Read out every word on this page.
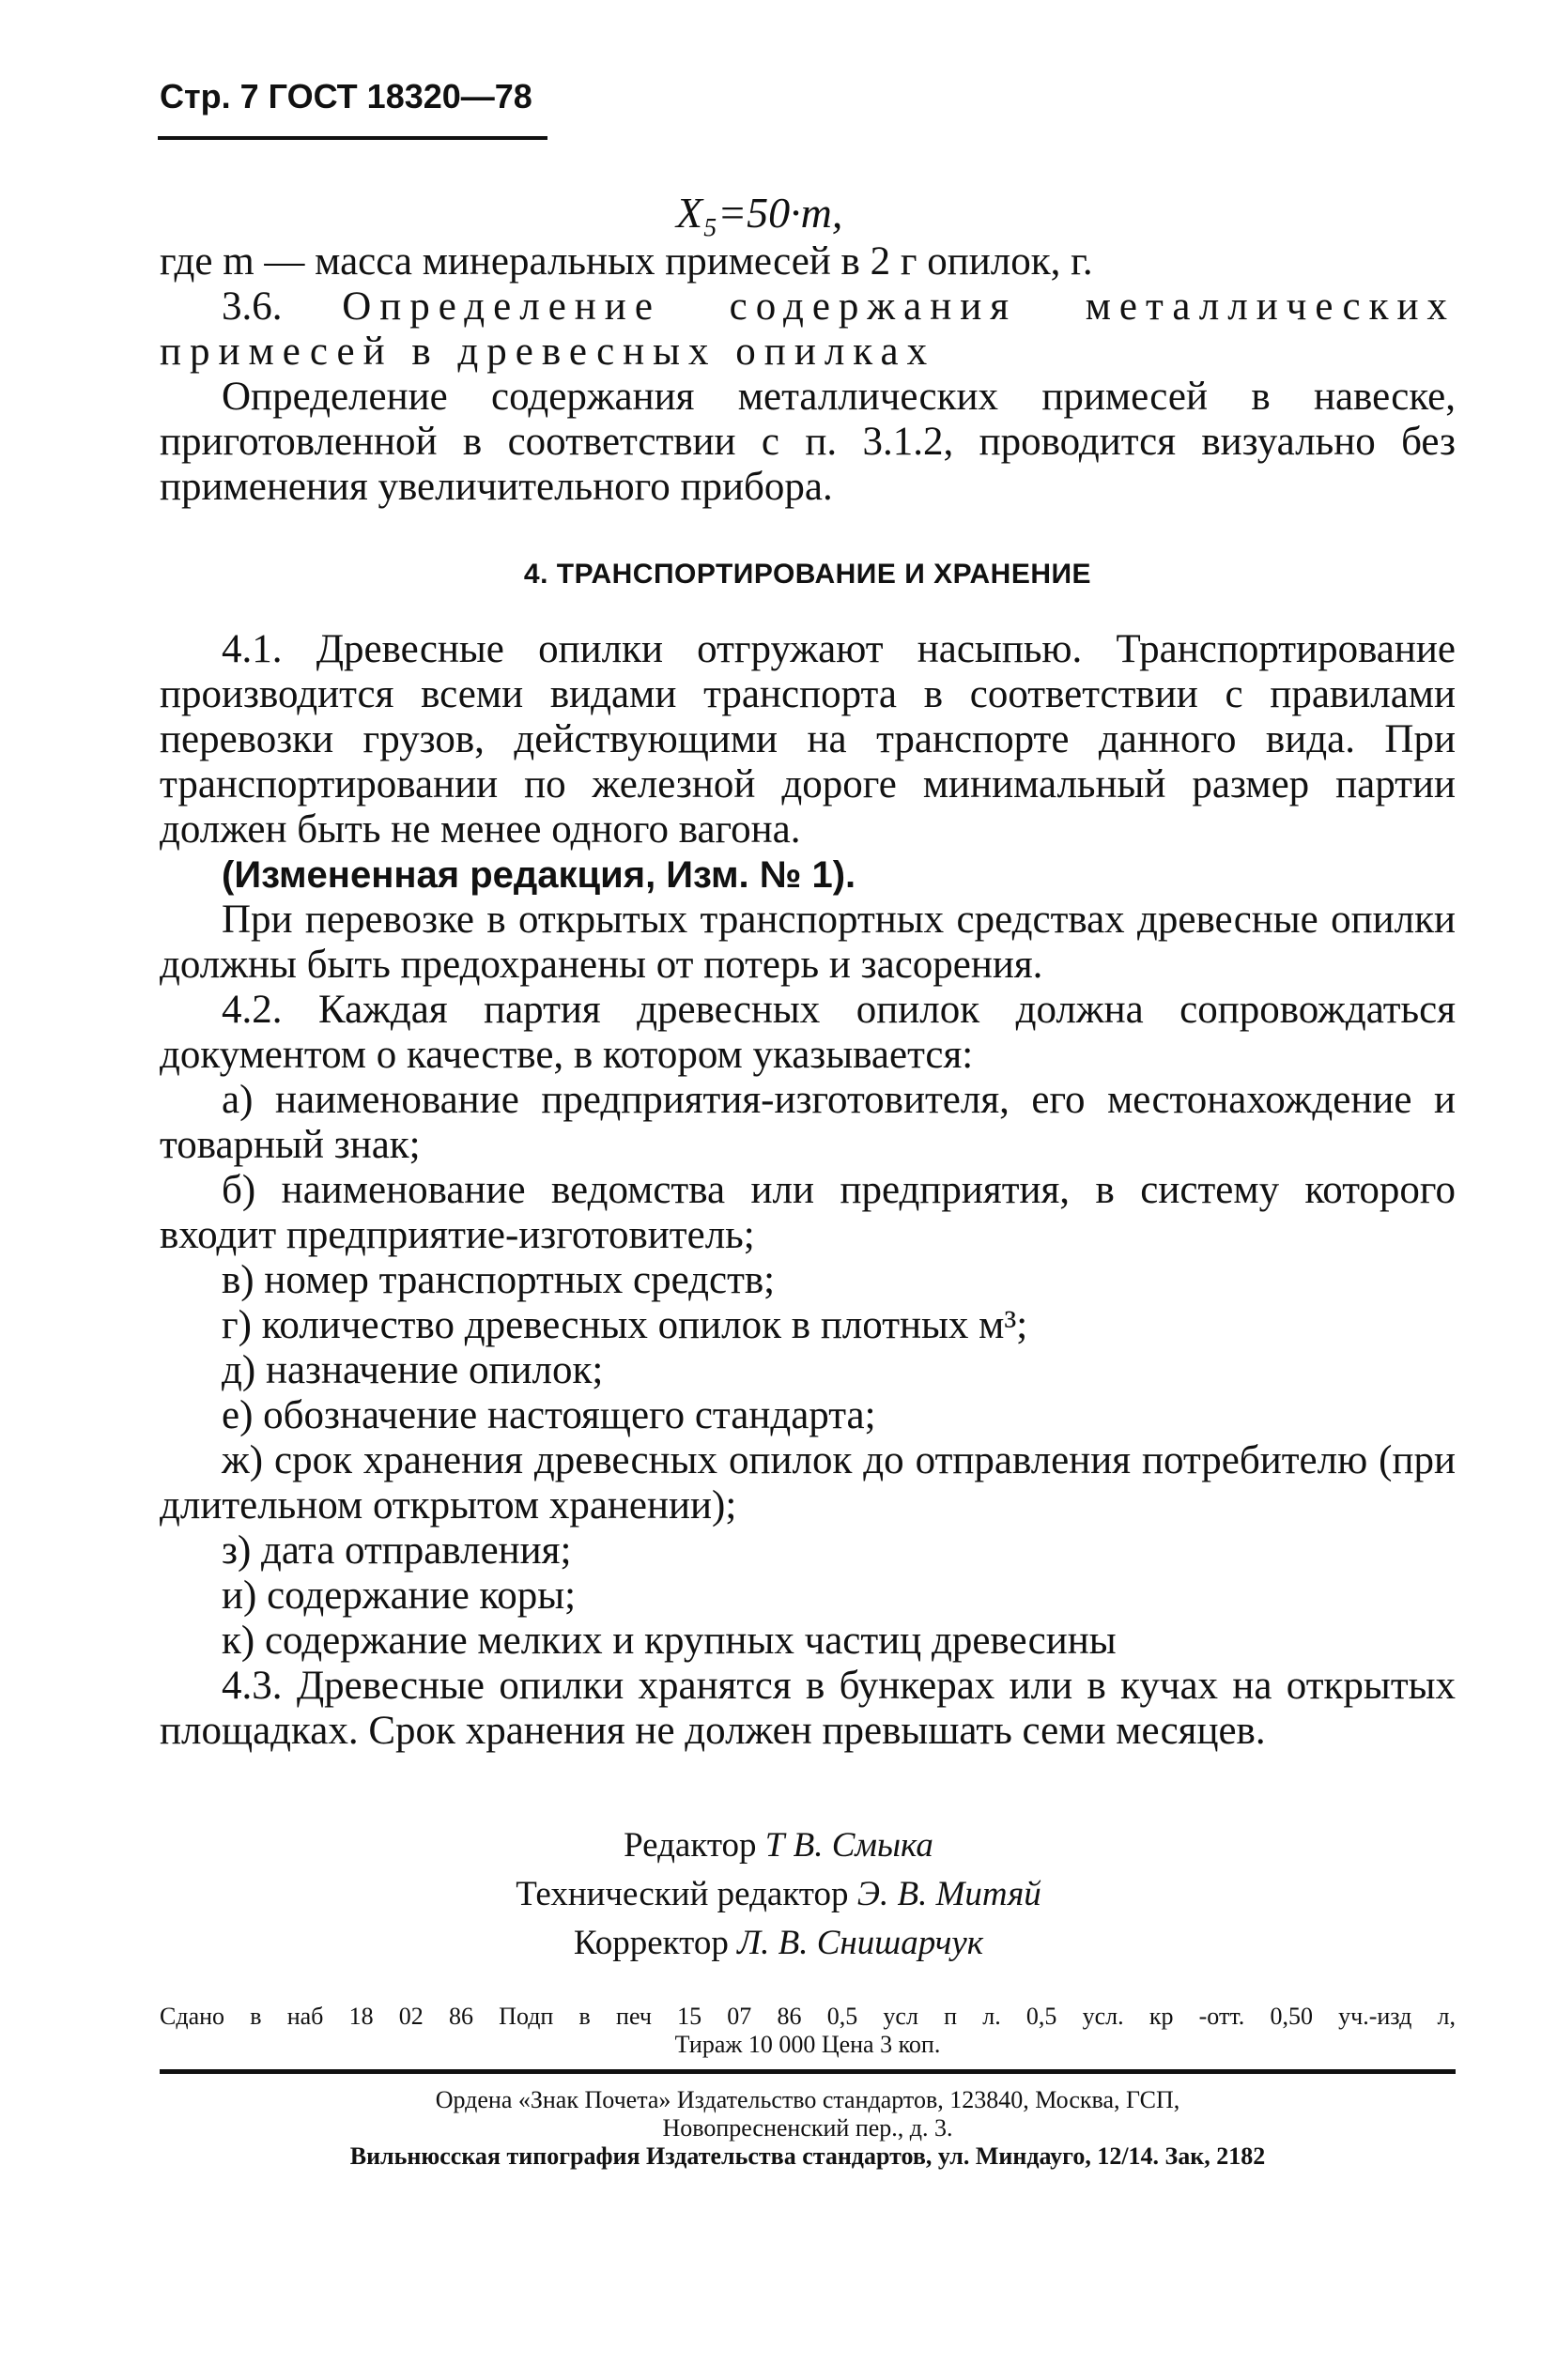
Стр. 7 ГОСТ 18320—78
X₅=50·m,

где m — масса минеральных примесей в 2 г опилок, г.

3.6. Определение содержания металлических

примесей в древесных опилках

Определение содержания металлических примесей в навеске, приготовленной в соответствии с п. 3.1.2, проводится визуально без применения увеличительного прибора.

4. ТРАНСПОРТИРОВАНИЕ И ХРАНЕНИЕ

4.1. Древесные опилки отгружают насыпью. Транспортирование производится всеми видами транспорта в соответствии с правилами перевозки грузов, действующими на транспорте данного вида. При транспортировании по железной дороге минимальный размер партии должен быть не менее одного вагона.

(Измененная редакция, Изм. № 1).

При перевозке в открытых транспортных средствах древесные опилки должны быть предохранены от потерь и засорения.

4.2. Каждая партия древесных опилок должна сопровождаться документом о качестве, в котором указывается:

а) наименование предприятия-изготовителя, его местонахождение и товарный знак;

б) наименование ведомства или предприятия, в систему которого входит предприятие-изготовитель;

в) номер транспортных средств;

г) количество древесных опилок в плотных м³;

д) назначение опилок;

е) обозначение настоящего стандарта;

ж) срок хранения древесных опилок до отправления потребителю (при длительном открытом хранении);

з) дата отправления;

и) содержание коры;

к) содержание мелких и крупных частиц древесины

4.3. Древесные опилки хранятся в бункерах или в кучах на открытых площадках. Срок хранения не должен превышать семи месяцев.

Редактор Т В. Смыка
Технический редактор Э. В. Митяй
Корректор Л. В. Снишарчук
Сдано в наб 18 02 86 Подп в печ 15 07 86 0,5 усл п л. 0,5 усл. кр -отт. 0,50 уч.-изд л,
Тираж 10 000 Цена 3 коп.
Ордена «Знак Почета» Издательство стандартов, 123840, Москва, ГСП,
Новопресненский пер., д. 3.
Вильнюсская типография Издательства стандартов, ул. Миндауго, 12/14. Зак, 2182
